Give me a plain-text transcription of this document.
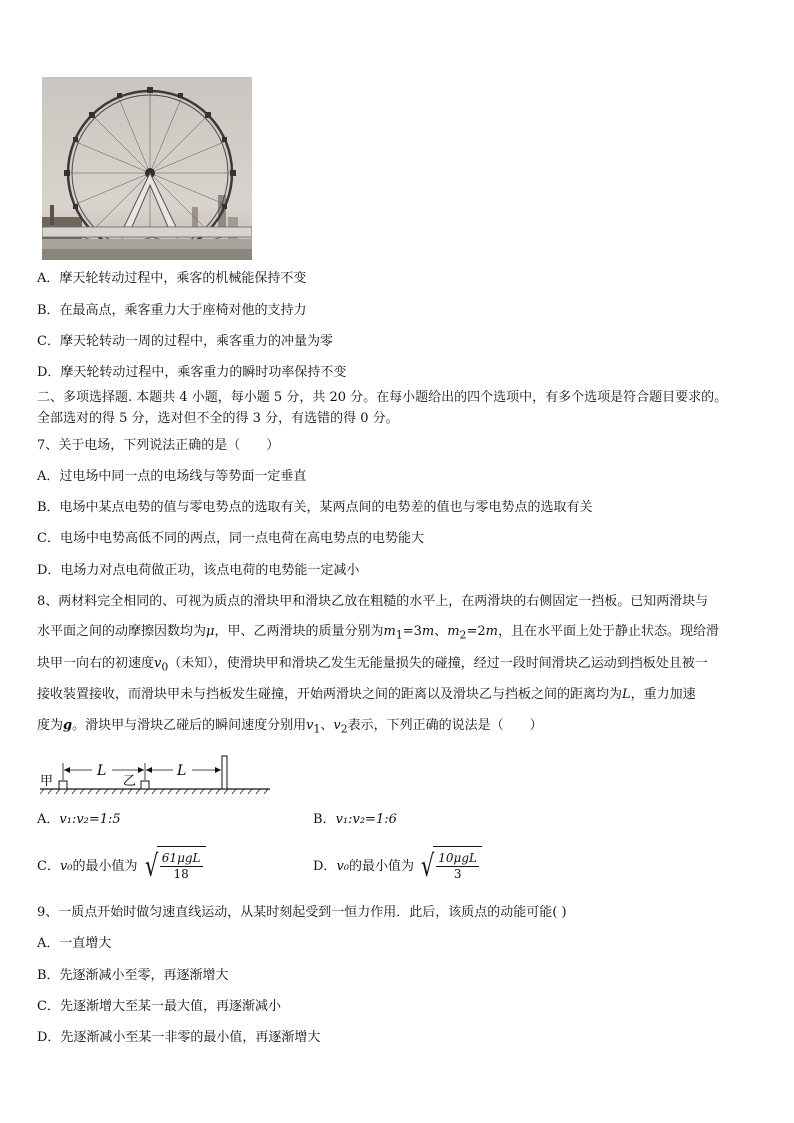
A．摩天轮转动过程中，乘客的机械能保持不变
B．在最高点，乘客重力大于座椅对他的支持力
C．摩天轮转动一周的过程中，乘客重力的冲量为零
D．摩天轮转动过程中，乘客重力的瞬时功率保持不变
二、多项选择题. 本题共 4 小题，每小题 5 分，共 20 分。在每小题给出的四个选项中，有多个选项是符合题目要求的。
全部选对的得 5 分，选对但不全的得 3 分，有选错的得 0 分。
7、关于电场，下列说法正确的是（　　）
A．过电场中同一点的电场线与等势面一定垂直
B．电场中某点电势的值与零电势点的选取有关，某两点间的电势差的值也与零电势点的选取有关
C．电场中电势高低不同的两点，同一点电荷在高电势点的电势能大
D．电场力对点电荷做正功，该点电荷的电势能一定减小
8、两材料完全相同的、可视为质点的滑块甲和滑块乙放在粗糙的水平上，在两滑块的右侧固定一挡板。已知两滑块与
水平面之间的动摩擦因数均为μ，甲、乙两滑块的质量分别为$m_1=3m$、$m_2=2m$，且在水平面上处于静止状态。现给滑
块甲一向右的初速度$v_0$（未知），使滑块甲和滑块乙发生无能量损失的碰撞，经过一段时间滑块乙运动到挡板处且被一
接收装置接收，而滑块甲未与挡板发生碰撞，开始两滑块之间的距离以及滑块乙与挡板之间的距离均为L，重力加速
度为g。滑块甲与滑块乙碰后的瞬间速度分别用$v_1$、$v_2$表示，下列正确的说法是（　　）
甲	乙
L	L
A．v₁:v₂=1:5	B．v₁:v₂=1:6
C．v₀的最小值为 √ $\frac{\text{61μgL}}{18}$	D．v₀的最小值为 √ $\frac{\text{10μgL}}{3}$
9、一质点开始时做匀速直线运动，从某时刻起受到一恒力作用．此后，该质点的动能可能( )
A．一直增大
B．先逐渐减小至零，再逐渐增大
C．先逐渐增大至某一最大值，再逐渐减小
D．先逐渐减小至某一非零的最小值，再逐渐增大
